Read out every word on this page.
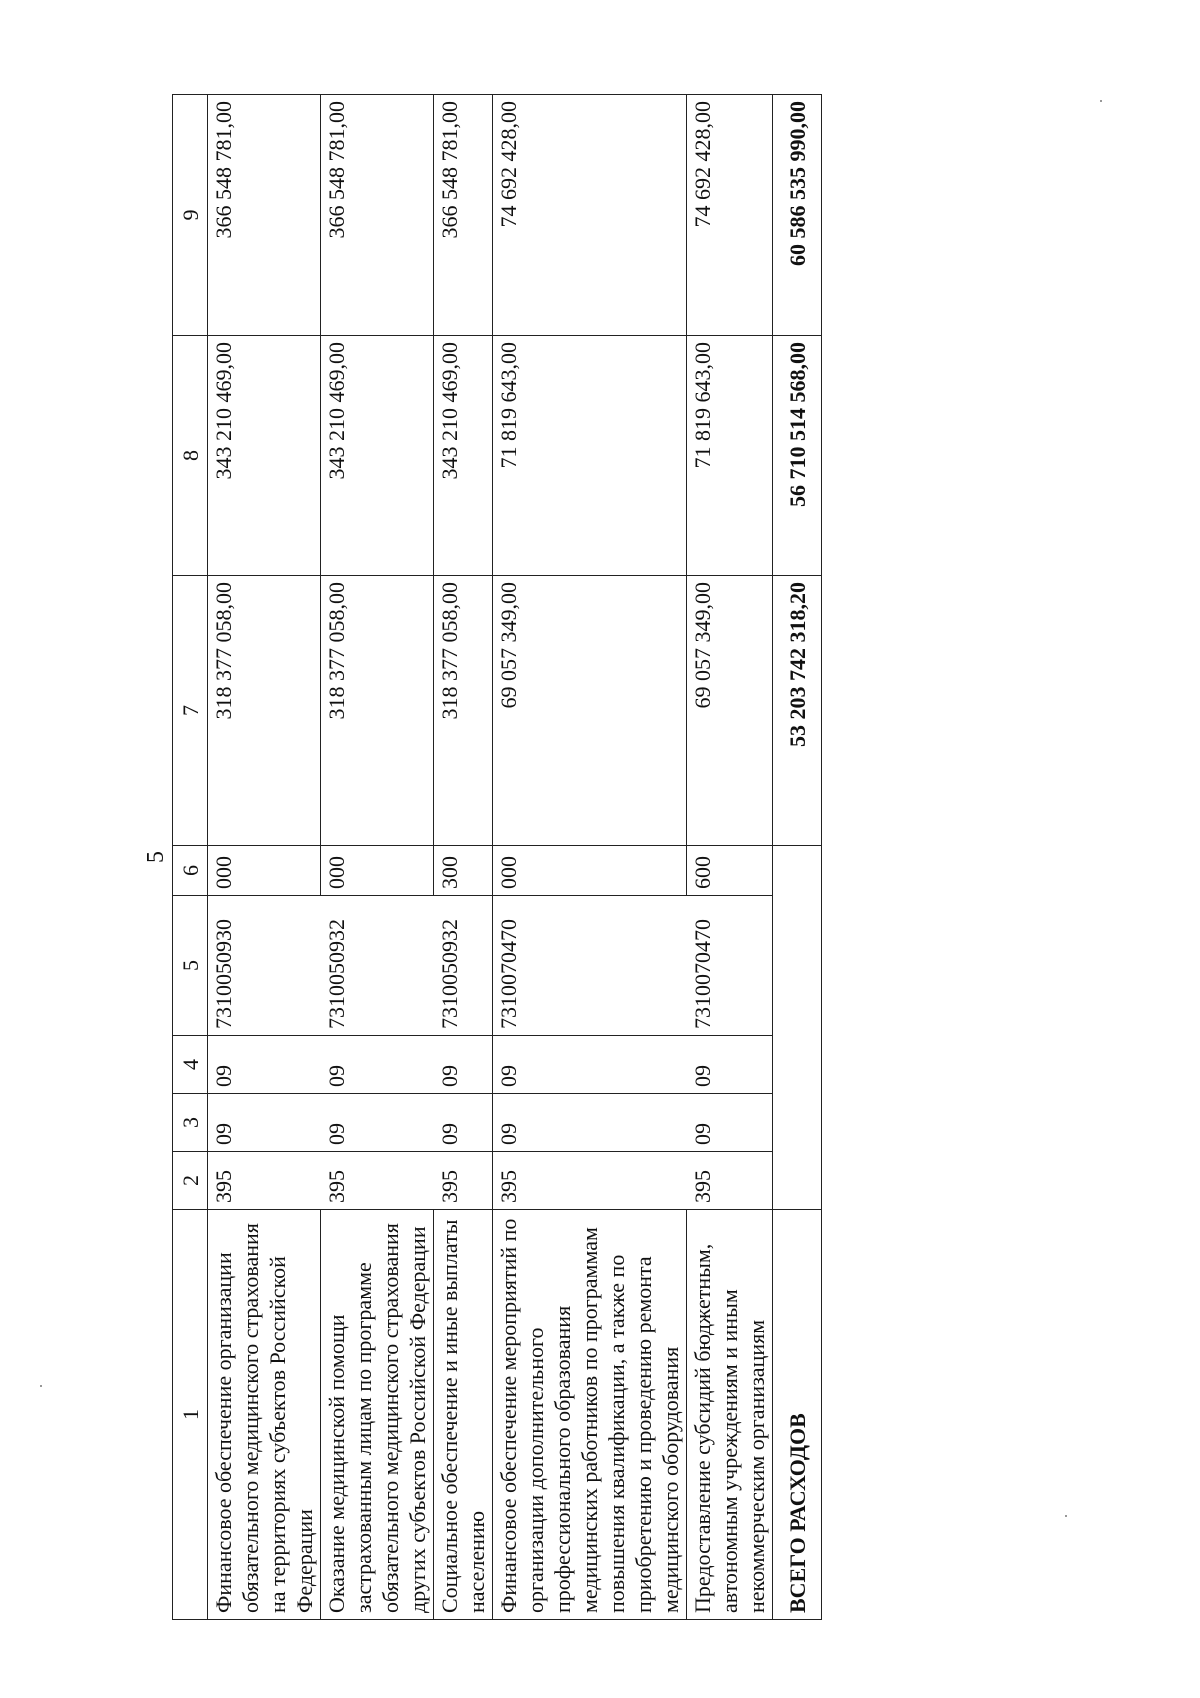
5
1	2	3	4	5	6	7	8	9
Финансовое обеспечение организации обязательного медицинского страхования на территориях субъектов Российской Федерации	395	09	09	7310050930	000	318 377 058,00	343 210 469,00	366 548 781,00
Оказание медицинской помощи застрахованным лицам по программе обязательного медицинского страхования других субъектов Российской Федерации	395	09	09	7310050932	000	318 377 058,00	343 210 469,00	366 548 781,00
Социальное обеспечение и иные выплаты населению	395	09	09	7310050932	300	318 377 058,00	343 210 469,00	366 548 781,00
Финансовое обеспечение мероприятий по организации дополнительного профессионального образования медицинских работников по программам повышения квалификации, а также по приобретению и проведению ремонта медицинского оборудования	395	09	09	7310070470	000	69 057 349,00	71 819 643,00	74 692 428,00
Предоставление субсидий бюджетным, автономным учреждениям и иным некоммерческим организациям	395	09	09	7310070470	600	69 057 349,00	71 819 643,00	74 692 428,00
ВСЕГО РАСХОДОВ						53 203 742 318,20	56 710 514 568,00	60 586 535 990,00
